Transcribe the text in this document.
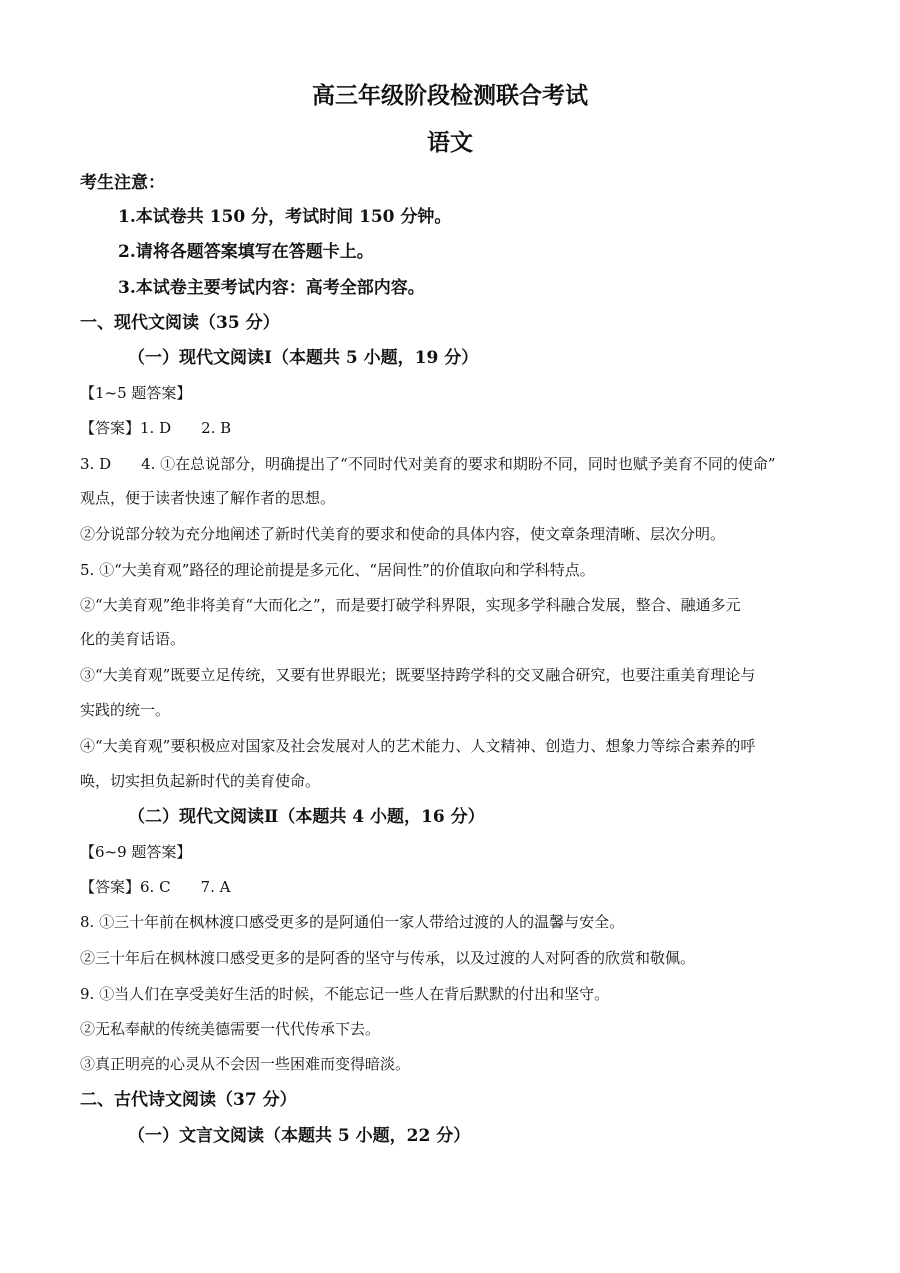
高三年级阶段检测联合考试
语文
考生注意：
1.本试卷共 150 分，考试时间 150 分钟。
2.请将各题答案填写在答题卡上。
3.本试卷主要考试内容：高考全部内容。
一、现代文阅读（35 分）
（一）现代文阅读Ⅰ（本题共 5 小题，19 分）
【1~5 题答案】
【答案】1. D　　2. B
3. D　　4. ①在总说部分，明确提出了“不同时代对美育的要求和期盼不同，同时也赋予美育不同的使命”
观点，便于读者快速了解作者的思想。
②分说部分较为充分地阐述了新时代美育的要求和使命的具体内容，使文章条理清晰、层次分明。
5. ①“大美育观”路径的理论前提是多元化、“居间性”的价值取向和学科特点。
②“大美育观”绝非将美育“大而化之”，而是要打破学科界限，实现多学科融合发展，整合、融通多元
化的美育话语。
③“大美育观”既要立足传统，又要有世界眼光；既要坚持跨学科的交叉融合研究，也要注重美育理论与
实践的统一。
④“大美育观”要积极应对国家及社会发展对人的艺术能力、人文精神、创造力、想象力等综合素养的呼
唤，切实担负起新时代的美育使命。
（二）现代文阅读Ⅱ（本题共 4 小题，16 分）
【6~9 题答案】
【答案】6. C　　7. A
8. ①三十年前在枫林渡口感受更多的是阿通伯一家人带给过渡的人的温馨与安全。
②三十年后在枫林渡口感受更多的是阿香的坚守与传承，以及过渡的人对阿香的欣赏和敬佩。
9. ①当人们在享受美好生活的时候，不能忘记一些人在背后默默的付出和坚守。
②无私奉献的传统美德需要一代代传承下去。
③真正明亮的心灵从不会因一些困难而变得暗淡。
二、古代诗文阅读（37 分）
（一）文言文阅读（本题共 5 小题，22 分）
